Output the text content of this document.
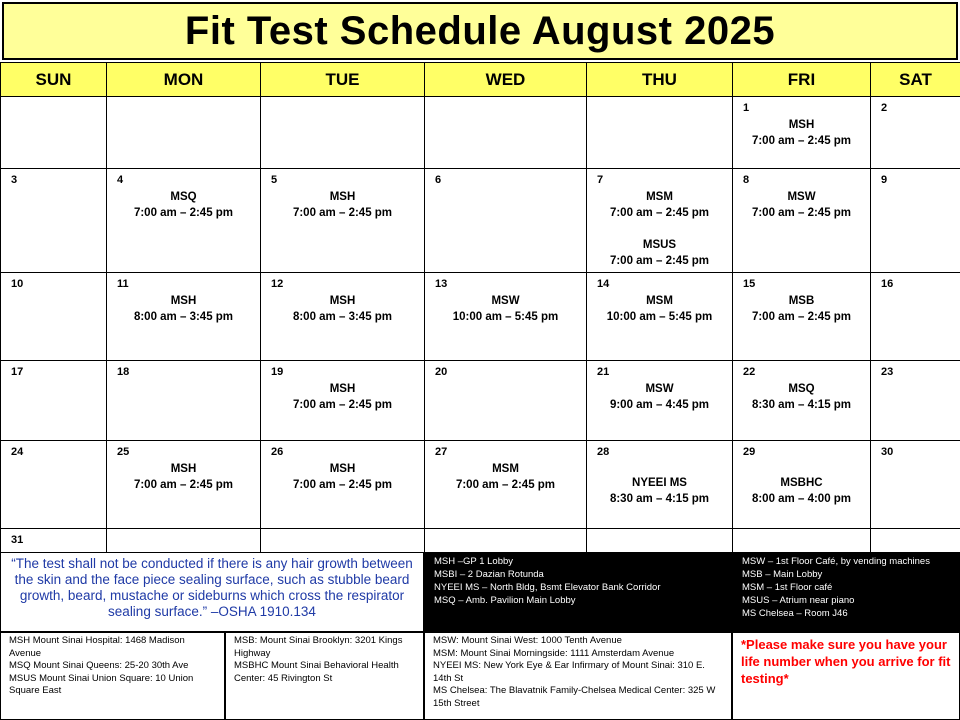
Fit Test Schedule August 2025
SUN	MON	TUE	WED	THU	FRI	SAT

					1
MSH
7:00 am – 2:45 pm	2

3	4
MSQ
7:00 am – 2:45 pm	5
MSH
7:00 am – 2:45 pm	6	7
MSM
7:00 am – 2:45 pm
MSUS
7:00 am – 2:45 pm	8
MSW
7:00 am – 2:45 pm	9

10	11
MSH
8:00 am – 3:45 pm	12
MSH
8:00 am – 3:45 pm	13
MSW
10:00 am – 5:45 pm	14
MSM
10:00 am – 5:45 pm	15
MSB
7:00 am – 2:45 pm	16

17	18	19
MSH
7:00 am – 2:45 pm	20	21
MSW
9:00 am – 4:45 pm	22
MSQ
8:30 am – 4:15 pm	23

24	25
MSH
7:00 am – 2:45 pm	26
MSH
7:00 am – 2:45 pm	27
MSM
7:00 am – 2:45 pm	28
NYEEI MS
8:30 am – 4:15 pm	29
MSBHC
8:00 am – 4:00 pm	30

31						

“The test shall not be conducted if there is any hair growth between the skin and the face piece sealing surface, such as stubble beard growth, beard, mustache or sideburns which cross the respirator sealing surface.” –OSHA 1910.134
MSH –GP 1 Lobby
MSBI – 2 Dazian Rotunda
NYEEI MS – North Bldg, Bsmt Elevator Bank Corridor
MSQ – Amb. Pavilion Main Lobby
MSW – 1st Floor Café, by vending machines
MSB – Main Lobby
MSM – 1st Floor café
MSUS – Atrium near piano
MS Chelsea – Room J46
MSH Mount Sinai Hospital: 1468 Madison Avenue
MSQ Mount Sinai Queens: 25-20 30th Ave
MSUS Mount Sinai Union Square: 10 Union Square East
MSB: Mount Sinai Brooklyn: 3201 Kings Highway
MSBHC Mount Sinai Behavioral Health Center: 45 Rivington St
MSW: Mount Sinai West: 1000 Tenth Avenue
MSM: Mount Sinai Morningside: 1111 Amsterdam Avenue
NYEEI MS: New York Eye & Ear Infirmary of Mount Sinai: 310 E. 14th St
MS Chelsea: The Blavatnik Family-Chelsea Medical Center: 325 W 15th Street
*Please make sure you have your life number when you arrive for fit testing*
